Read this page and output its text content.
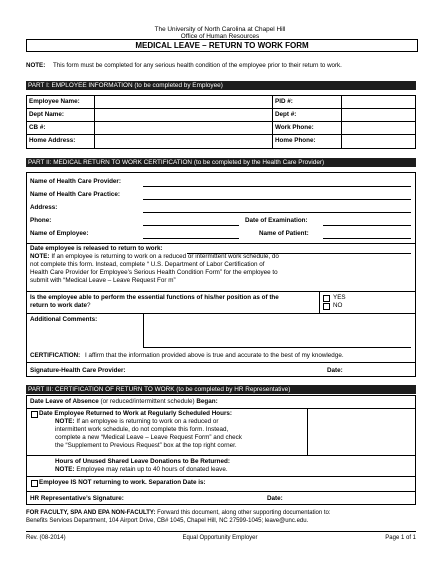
The University of North Carolina at Chapel Hill
Office of Human Resources
MEDICAL LEAVE – RETURN TO WORK FORM
NOTE: This form must be completed for any serious health condition of the employee prior to their return to work.
PART I: EMPLOYEE INFORMATION (to be completed by Employee)
Employee Name:	PID #:
Dept Name:	Dept #:
CB #:	Work Phone:
Home Address:	Home Phone:
PART II: MEDICAL RETURN TO WORK CERTIFICATION (to be completed by the Health Care Provider)
Name of Health Care Provider:
Name of Health Care Practice:
Address:
Phone:	Date of Examination:
Name of Employee:	Name of Patient:
Date employee is released to return to work:
NOTE: If an employee is returning to work on a reduced or intermittent work schedule, do
not complete this form. Instead, complete “ U.S. Department of Labor Certification of
Health Care Provider for Employee’s Serious Health Condition Form” for the employee to
submit with “Medical Leave – Leave Request For m”
Is the employee able to perform the essential functions of his/her position as of the
return to work date?
YES
NO
Additional Comments:
CERTIFICATION: I affirm that the information provided above is true and accurate to the best of my knowledge.
Signature-Health Care Provider:	Date:
PART III: CERTIFICATION OF RETURN TO WORK (to be completed by HR Representative)
Date Leave of Absence (or reduced/intermittent schedule) Began:
Date Employee Returned to Work at Regularly Scheduled Hours:
NOTE: If an employee is returning to work on a reduced or
intermittent work schedule, do not complete this form. Instead,
complete a new “Medical Leave – Leave Request Form” and check
the “Supplement to Previous Request” box at the top right corner.
Hours of Unused Shared Leave Donations to Be Returned:
NOTE: Employee may retain up to 40 hours of donated leave.
Employee IS NOT returning to work. Separation Date is:
HR Representative’s Signature:	Date:
FOR FACULTY, SPA AND EPA NON-FACULTY: Forward this document, along other supporting documentation to:
Benefits Services Department, 104 Airport Drive, CB# 1045, Chapel Hill, NC 27599-1045; leave@unc.edu.
Rev. (08-2014)	Equal Opportunity Employer	Page 1 of 1
